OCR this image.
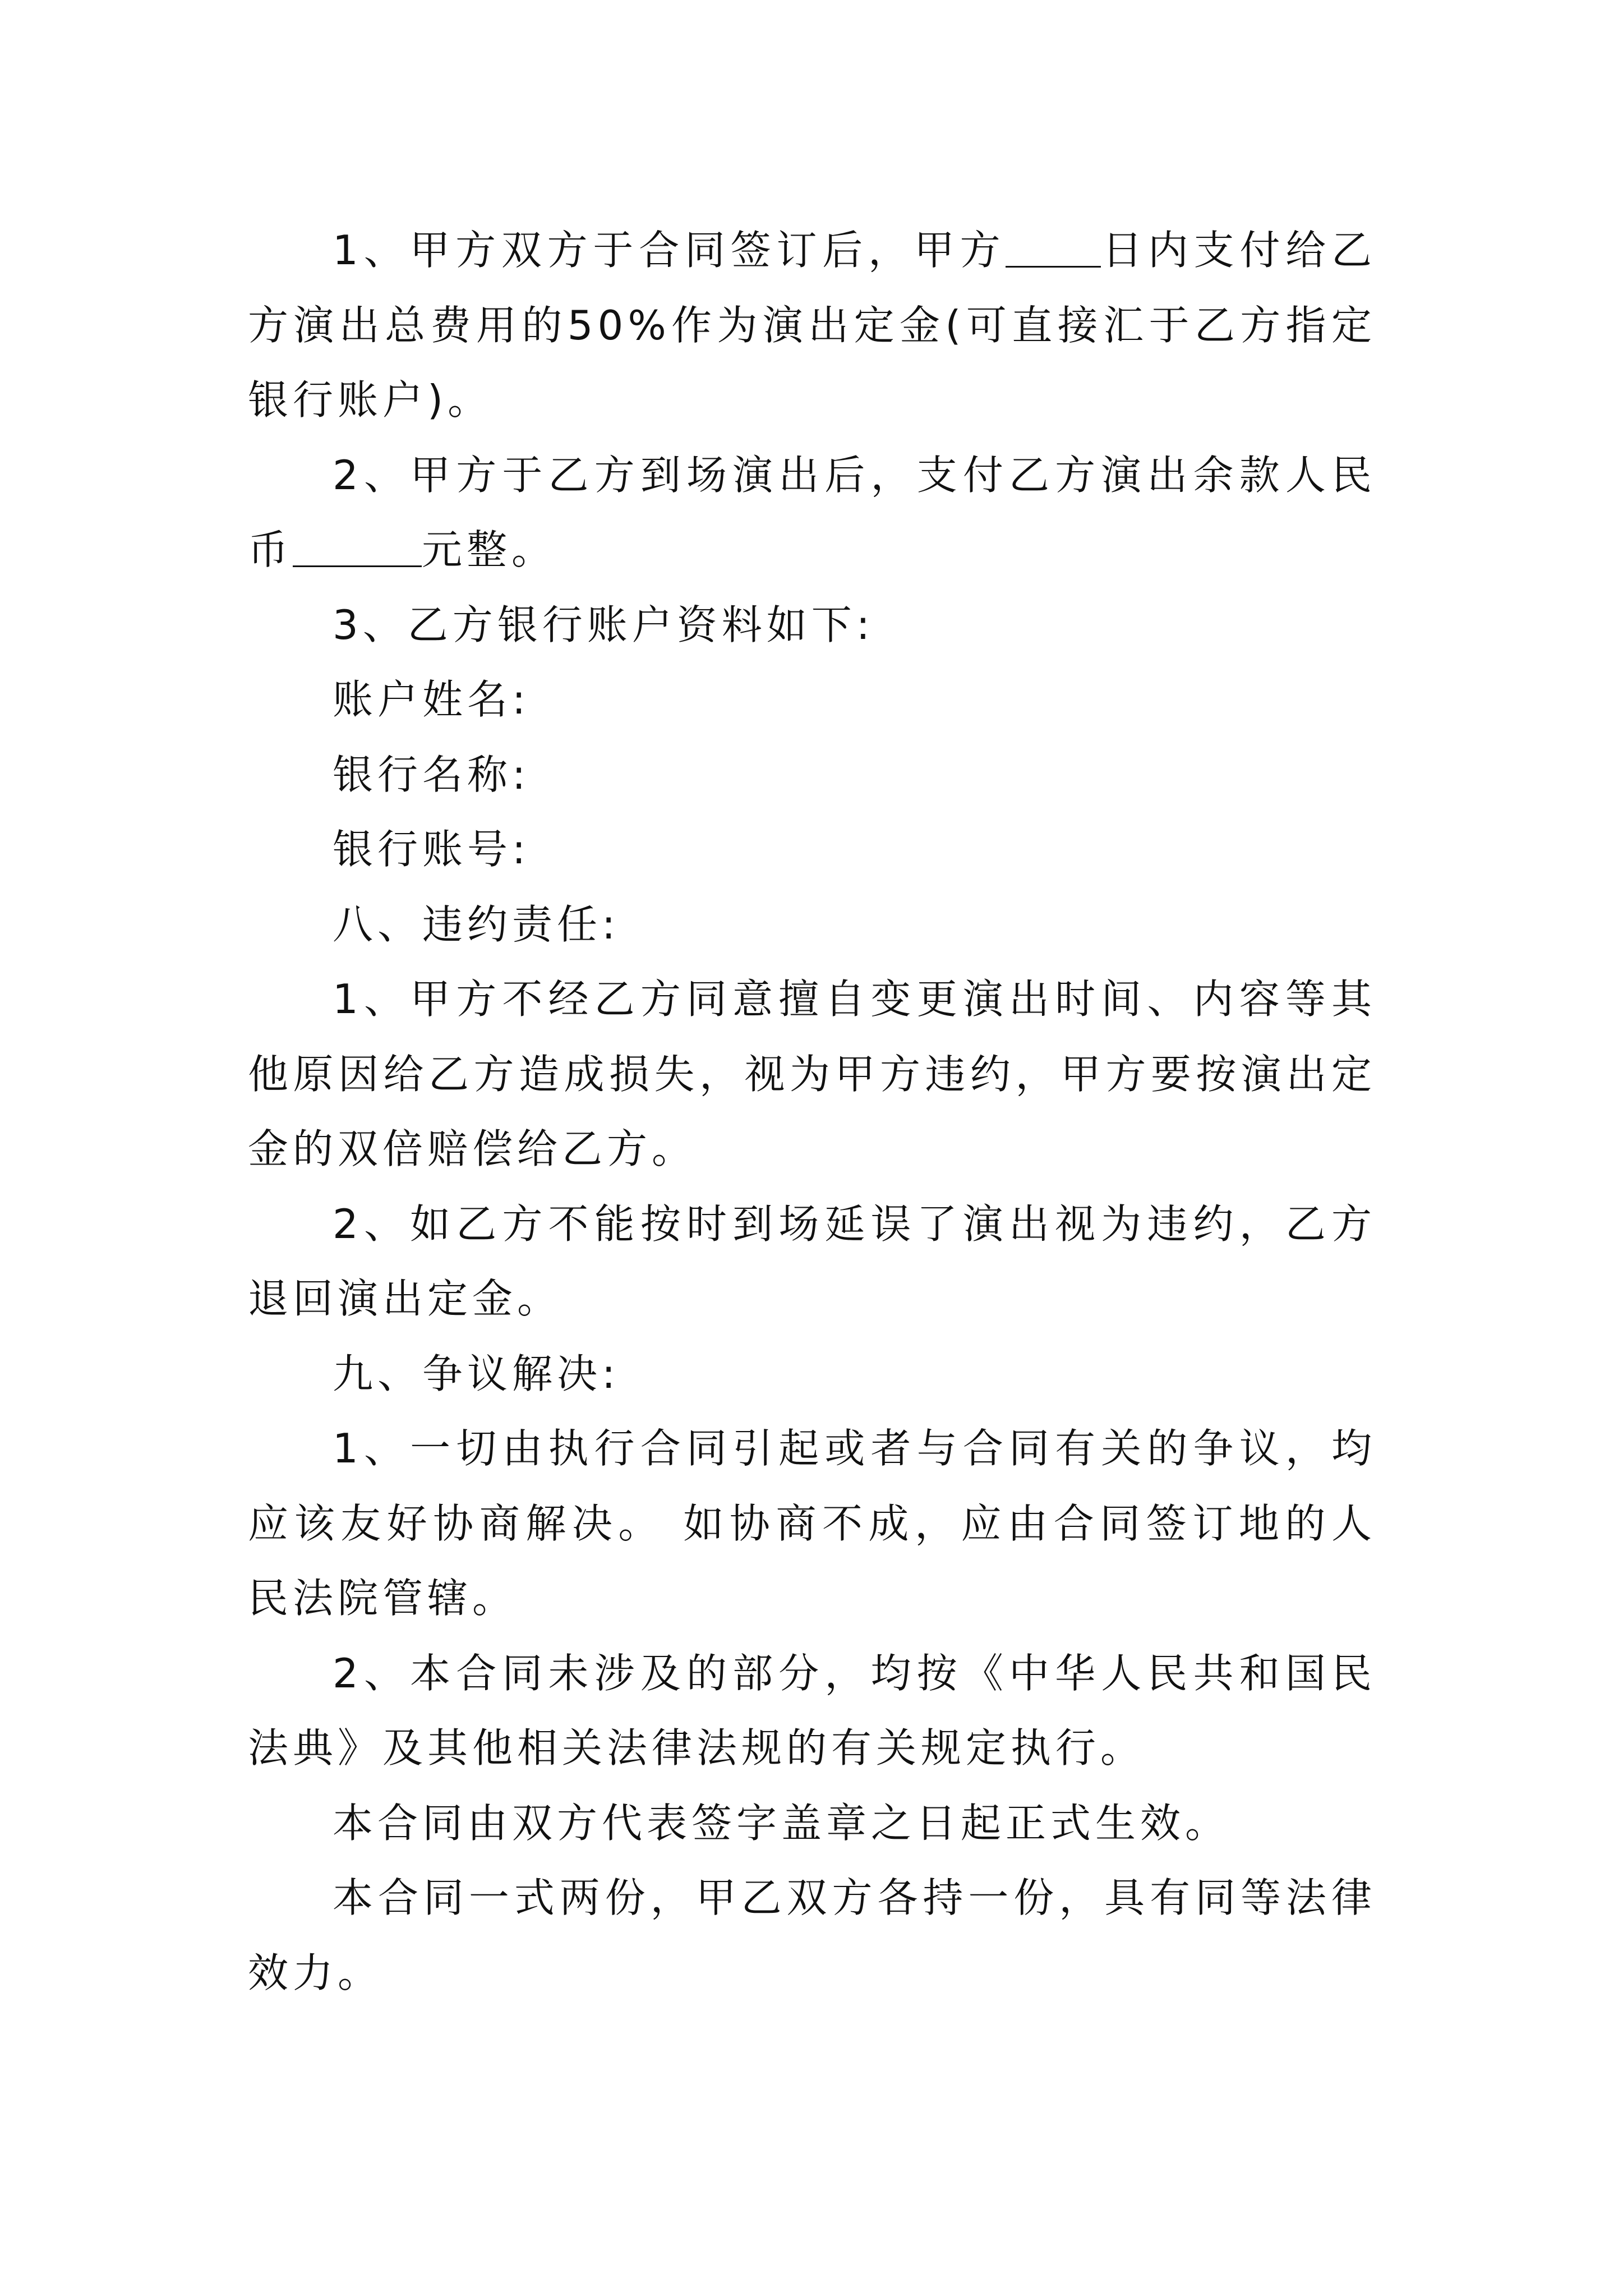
1、甲方双方于合同签订后，甲方 日内支付给乙方演出总费用的50%作为演出定金(可直接汇于乙方指定银行账户)。

2、甲方于乙方到场演出后，支付乙方演出余款人民币	元整。

3、乙方银行账户资料如下:

账户姓名:

银行名称:

银行账号:

八、违约责任:

1、甲方不经乙方同意擅自变更演出时间、内容等其他原因给乙方造成损失，视为甲方违约，甲方要按演出定金的双倍赔偿给乙方。

2、如乙方不能按时到场延误了演出视为违约，乙方退回演出定金。

九、争议解决:

1、一切由执行合同引起或者与合同有关的争议，均应该友好协商解决。 如协商不成，应由合同签订地的人民法院管辖。

2、本合同未涉及的部分，均按《中华人民共和国民法典》及其他相关法律法规的有关规定执行。

本合同由双方代表签字盖章之日起正式生效。

本合同一式两份，甲乙双方各持一份，具有同等法律效力。
